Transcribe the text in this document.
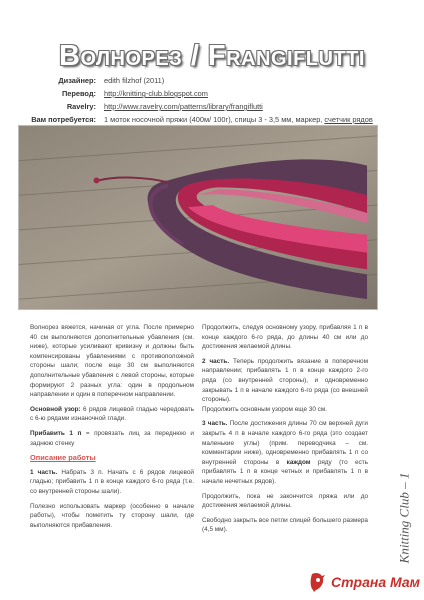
Волнорез / Frangiflutti
Дизайнер:	edith filzhof (2011)
Перевод:	http://knitting-club.blogspot.com
Ravelry:	http://www.ravelry.com/patterns/library/frangiflutti
Вам потребуется:	1 моток носочной пряжи (400м/ 100г), спицы 3 - 3,5 мм, маркер, счетчик рядов

Волнорез вяжется, начиная от угла. После примерно 40 см выполняются дополнительные убавления (см. ниже), которые усиливают кривизну и должны быть компенсированы убавлениями с противоположной стороны шали; после еще 30 см выполняются дополнительные убавления с левой стороны, которые формируют 2 разных угла: один в продольном направлении и один в поперечном направлении.

Основной узор: 6 рядов лицевой гладью чередовать с 6-ю рядами изнаночной глади.

Прибавить 1 п = провязать лиц за переднюю и заднюю стенку

Описание работы

1 часть. Набрать 3 п. Начать с 6 рядов лицевой гладью; прибавить 1 п в конце каждого 6-го ряда (т.е. со внутренней стороны шали).

Полезно использовать маркер (особенно в начале работы), чтобы пометить ту сторону шали, где выполняются прибавления.

Продолжить, следуя основному узору, прибавляя 1 п в конце каждого 6-го ряда, до длины 40 см или до достижения желаемой длины.

2 часть. Теперь продолжить вязание в поперечном направлении; прибавлять 1 п в конце каждого 2-го ряда (со внутренней стороны), и одновременно закрывать 1 п в начале каждого 6-го ряда (со внешней стороны).
Продолжить основным узором еще 30 см.

3 часть. После достижения длины 70 см верхней дуги закрыть 4 п в начале каждого 6-го ряда (это создает маленькие углы) (прим. переводчика – см. комментарии ниже), одновременно прибавлять 1 п со внутренней стороны в каждом ряду (то есть прибавлять 1 п в конце четных и прибавлять 1 п в начале нечетных рядов).

Продолжить, пока не закончится пряжа или до достижения желаемой длины.

Свободно закрыть все петли спицей большего размера (4,5 мм).	Knitting Club – 1
Страна Мам
